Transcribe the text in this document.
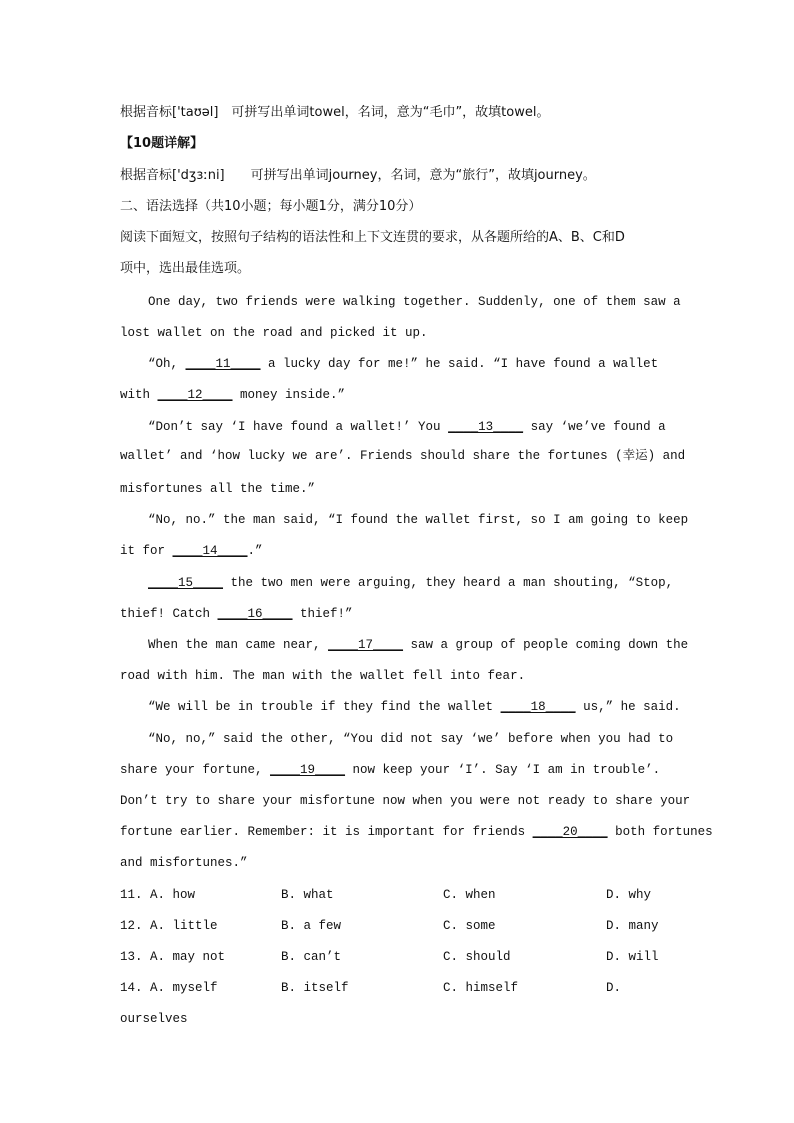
根据音标['taʊəl]　可拼写出单词towel，名词，意为“毛巾”，故填towel。
【10题详解】
根据音标['dʒɜːni]　　可拼写出单词journey，名词，意为“旅行”，故填journey。
二、语法选择（共10小题；每小题1分，满分10分）
阅读下面短文，按照句子结构的语法性和上下文连贯的要求，从各题所给的A、B、C和D
项中，选出最佳选项。
One day, two friends were walking together. Suddenly, one of them saw a
lost wallet on the road and picked it up.
“Oh, ____11____ a lucky day for me!” he said. “I have found a wallet
with ____12____ money inside.”
“Don’t say ‘I have found a wallet!’ You ____13____ say ‘we’ve found a
wallet’ and ‘how lucky we are’. Friends should share the fortunes (幸运) and
misfortunes all the time.”
“No, no.” the man said, “I found the wallet first, so I am going to keep
it for ____14____.”
____15____ the two men were arguing, they heard a man shouting, “Stop,
thief! Catch ____16____ thief!”
When the man came near, ____17____ saw a group of people coming down the
road with him. The man with the wallet fell into fear.
“We will be in trouble if they find the wallet ____18____ us,” he said.
“No, no,” said the other, “You did not say ‘we’ before when you had to
share your fortune, ____19____ now keep your ‘I’. Say ‘I am in trouble’.
Don’t try to share your misfortune now when you were not ready to share your
fortune earlier. Remember: it is important for friends ____20____ both fortunes
and misfortunes.”
11. A. how	B. what	C. when	D. why
12. A. little	B. a few	C. some	D. many
13. A. may not	B. can’t	C. should	D. will
14. A. myself	B. itself	C. himself	D.
ourselves
